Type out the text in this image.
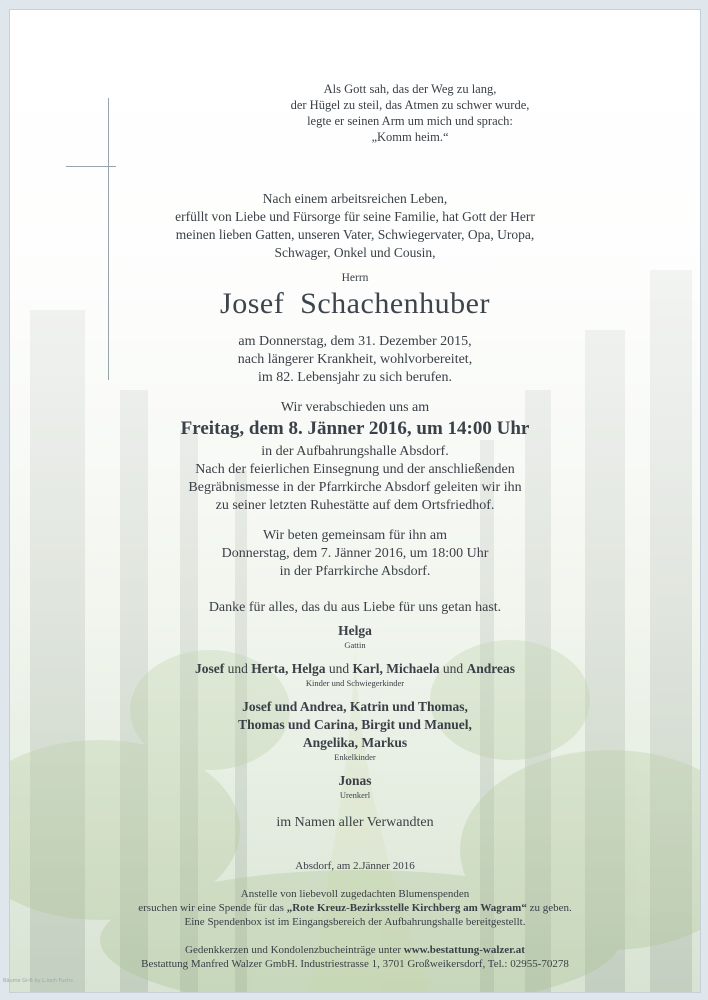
Als Gott sah, das der Weg zu lang,
der Hügel zu steil, das Atmen zu schwer wurde,
legte er seinen Arm um mich und sprach:
„Komm heim.“
Nach einem arbeitsreichen Leben,
erfüllt von Liebe und Fürsorge für seine Familie, hat Gott der Herr
meinen lieben Gatten, unseren Vater, Schwiegervater, Opa, Uropa,
Schwager, Onkel und Cousin,
Herrn
Josef  Schachenhuber
am Donnerstag, dem 31. Dezember 2015,
nach längerer Krankheit, wohlvorbereitet,
im 82. Lebensjahr zu sich berufen.
Wir verabschieden uns am
Freitag, dem 8. Jänner 2016, um 14:00 Uhr
in der Aufbahrungshalle Absdorf.
Nach der feierlichen Einsegnung und der anschließenden
Begräbnismesse in der Pfarrkirche Absdorf geleiten wir ihn
zu seiner letzten Ruhestätte auf dem Ortsfriedhof.
Wir beten gemeinsam für ihn am
Donnerstag, dem 7. Jänner 2016, um 18:00 Uhr
in der Pfarrkirche Absdorf.
Danke für alles, das du aus Liebe für uns getan hast.
Helga
Gattin
Josef und Herta, Helga und Karl, Michaela und Andreas
Kinder und Schwiegerkinder
Josef und Andrea, Katrin und Thomas,
Thomas und Carina, Birgit und Manuel,
Angelika, Markus
Enkelkinder
Jonas
Urenkerl
im Namen aller Verwandten
Absdorf, am 2.Jänner 2016
Anstelle von liebevoll zugedachten Blumenspenden
ersuchen wir eine Spende für das „Rote Kreuz-Bezirksstelle Kirchberg am Wagram“ zu geben.
Eine Spendenbox ist im Eingangsbereich der Aufbahrungshalle bereitgestellt.
Gedenkkerzen und Kondolenzbucheinträge unter www.bestattung-walzer.at
Bestattung Manfred Walzer GmbH. Industriestrasse 1, 3701 Großweikersdorf, Tel.: 02955-70278
Bäume Gr-B by L.loch Fuchs
